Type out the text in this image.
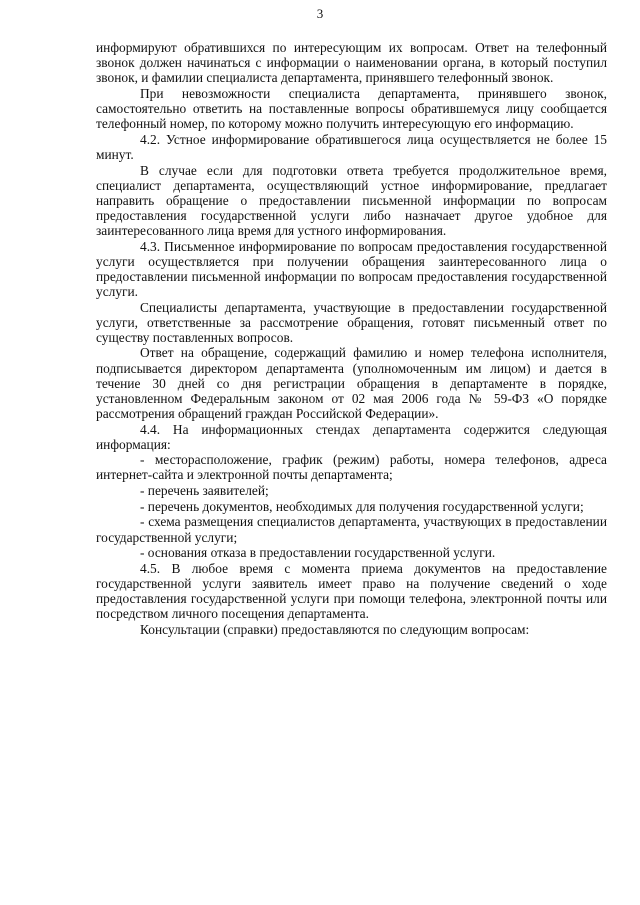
3

информируют обратившихся по интересующим их вопросам. Ответ на телефонный звонок должен начинаться с информации о наименовании органа, в который поступил звонок, и фамилии специалиста департамента, принявшего телефонный звонок.

При невозможности специалиста департамента, принявшего звонок, самостоятельно ответить на поставленные вопросы обратившемуся лицу сообщается телефонный номер, по которому можно получить интересующую его информацию.

4.2. Устное информирование обратившегося лица осуществляется не более 15 минут.

В случае если для подготовки ответа требуется продолжительное время, специалист департамента, осуществляющий устное информирование, предлагает направить обращение о предоставлении письменной информации по вопросам предоставления государственной услуги либо назначает другое удобное для заинтересованного лица время для устного информирования.

4.3. Письменное информирование по вопросам предоставления государственной услуги осуществляется при получении обращения заинтересованного лица о предоставлении письменной информации по вопросам предоставления государственной услуги.

Специалисты департамента, участвующие в предоставлении государственной услуги, ответственные за рассмотрение обращения, готовят письменный ответ по существу поставленных вопросов.

Ответ на обращение, содержащий фамилию и номер телефона исполнителя, подписывается директором департамента (уполномоченным им лицом) и дается в течение 30 дней со дня регистрации обращения в департаменте в порядке, установленном Федеральным законом от 02 мая 2006 года № 59-ФЗ «О порядке рассмотрения обращений граждан Российской Федерации».

4.4. На информационных стендах департамента содержится следующая информация:

- месторасположение, график (режим) работы, номера телефонов, адреса интернет-сайта и электронной почты департамента;

- перечень заявителей;

- перечень документов, необходимых для получения государственной услуги;

- схема размещения специалистов департамента, участвующих в предоставлении государственной услуги;

- основания отказа в предоставлении государственной услуги.

4.5. В любое время с момента приема документов на предоставление государственной услуги заявитель имеет право на получение сведений о ходе предоставления государственной услуги при помощи телефона, электронной почты или посредством личного посещения департамента.

Консультации (справки) предоставляются по следующим вопросам:
